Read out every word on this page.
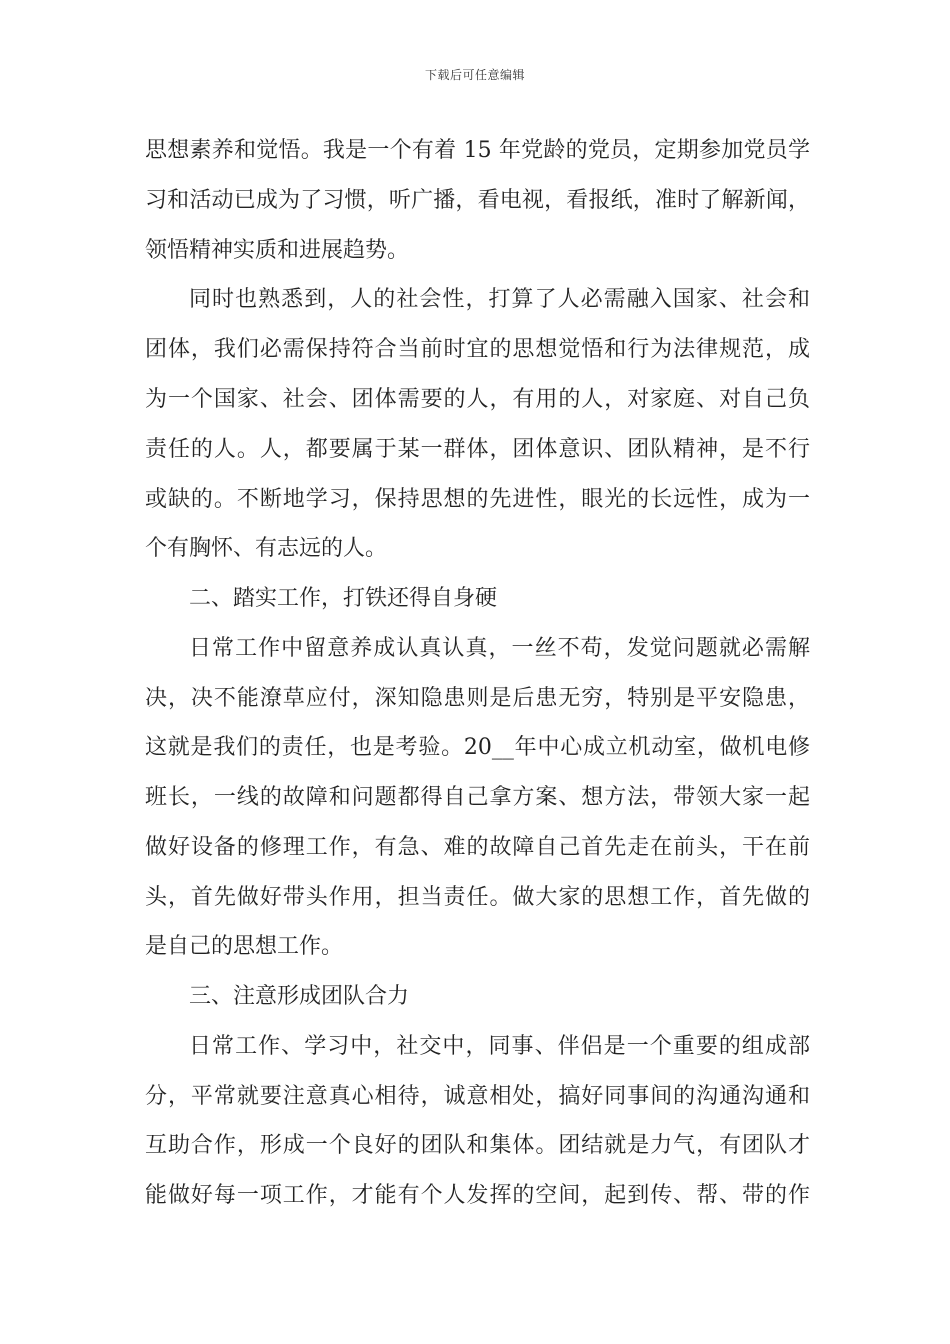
下载后可任意编辑
思想素养和觉悟。我是一个有着 15 年党龄的党员，定期参加党员学
习和活动已成为了习惯，听广播，看电视，看报纸，准时了解新闻，
领悟精神实质和进展趋势。
同时也熟悉到，人的社会性，打算了人必需融入国家、社会和
团体，我们必需保持符合当前时宜的思想觉悟和行为法律规范，成
为一个国家、社会、团体需要的人，有用的人，对家庭、对自己负
责任的人。人，都要属于某一群体，团体意识、团队精神，是不行
或缺的。不断地学习，保持思想的先进性，眼光的长远性，成为一
个有胸怀、有志远的人。
二、踏实工作，打铁还得自身硬
日常工作中留意养成认真认真，一丝不苟，发觉问题就必需解
决，决不能潦草应付，深知隐患则是后患无穷，特别是平安隐患，
这就是我们的责任，也是考验。20__年中心成立机动室，做机电修
班长，一线的故障和问题都得自己拿方案、想方法，带领大家一起
做好设备的修理工作，有急、难的故障自己首先走在前头，干在前
头，首先做好带头作用，担当责任。做大家的思想工作，首先做的
是自己的思想工作。
三、注意形成团队合力
日常工作、学习中，社交中，同事、伴侣是一个重要的组成部
分，平常就要注意真心相待，诚意相处，搞好同事间的沟通沟通和
互助合作，形成一个良好的团队和集体。团结就是力气，有团队才
能做好每一项工作，才能有个人发挥的空间，起到传、帮、带的作
